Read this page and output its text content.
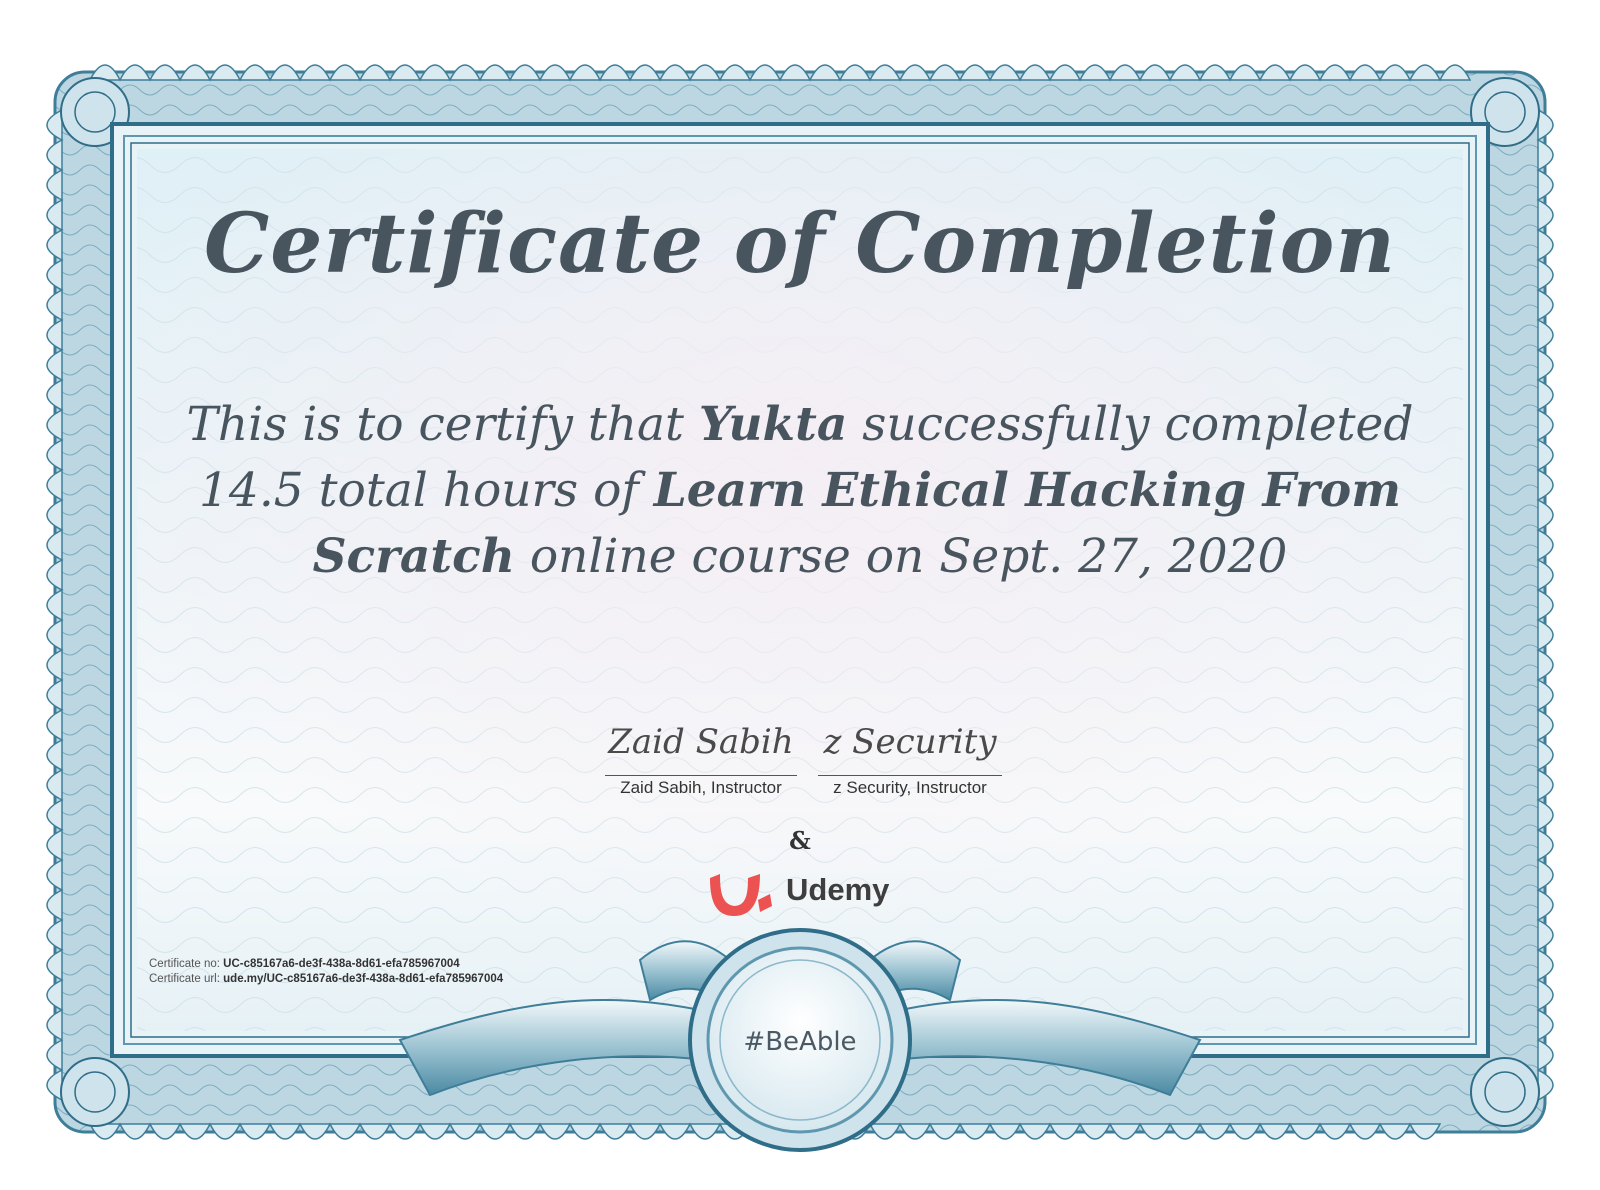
Certificate of Completion
This is to certify that Yukta successfully completed 14.5 total hours of Learn Ethical Hacking From Scratch online course on Sept. 27, 2020
Zaid Sabih
Zaid Sabih, Instructor
z Security
z Security, Instructor
&
Udemy
Certificate no: UC-c85167a6-de3f-438a-8d61-efa785967004
Certificate url: ude.my/UC-c85167a6-de3f-438a-8d61-efa785967004
#BeAble
